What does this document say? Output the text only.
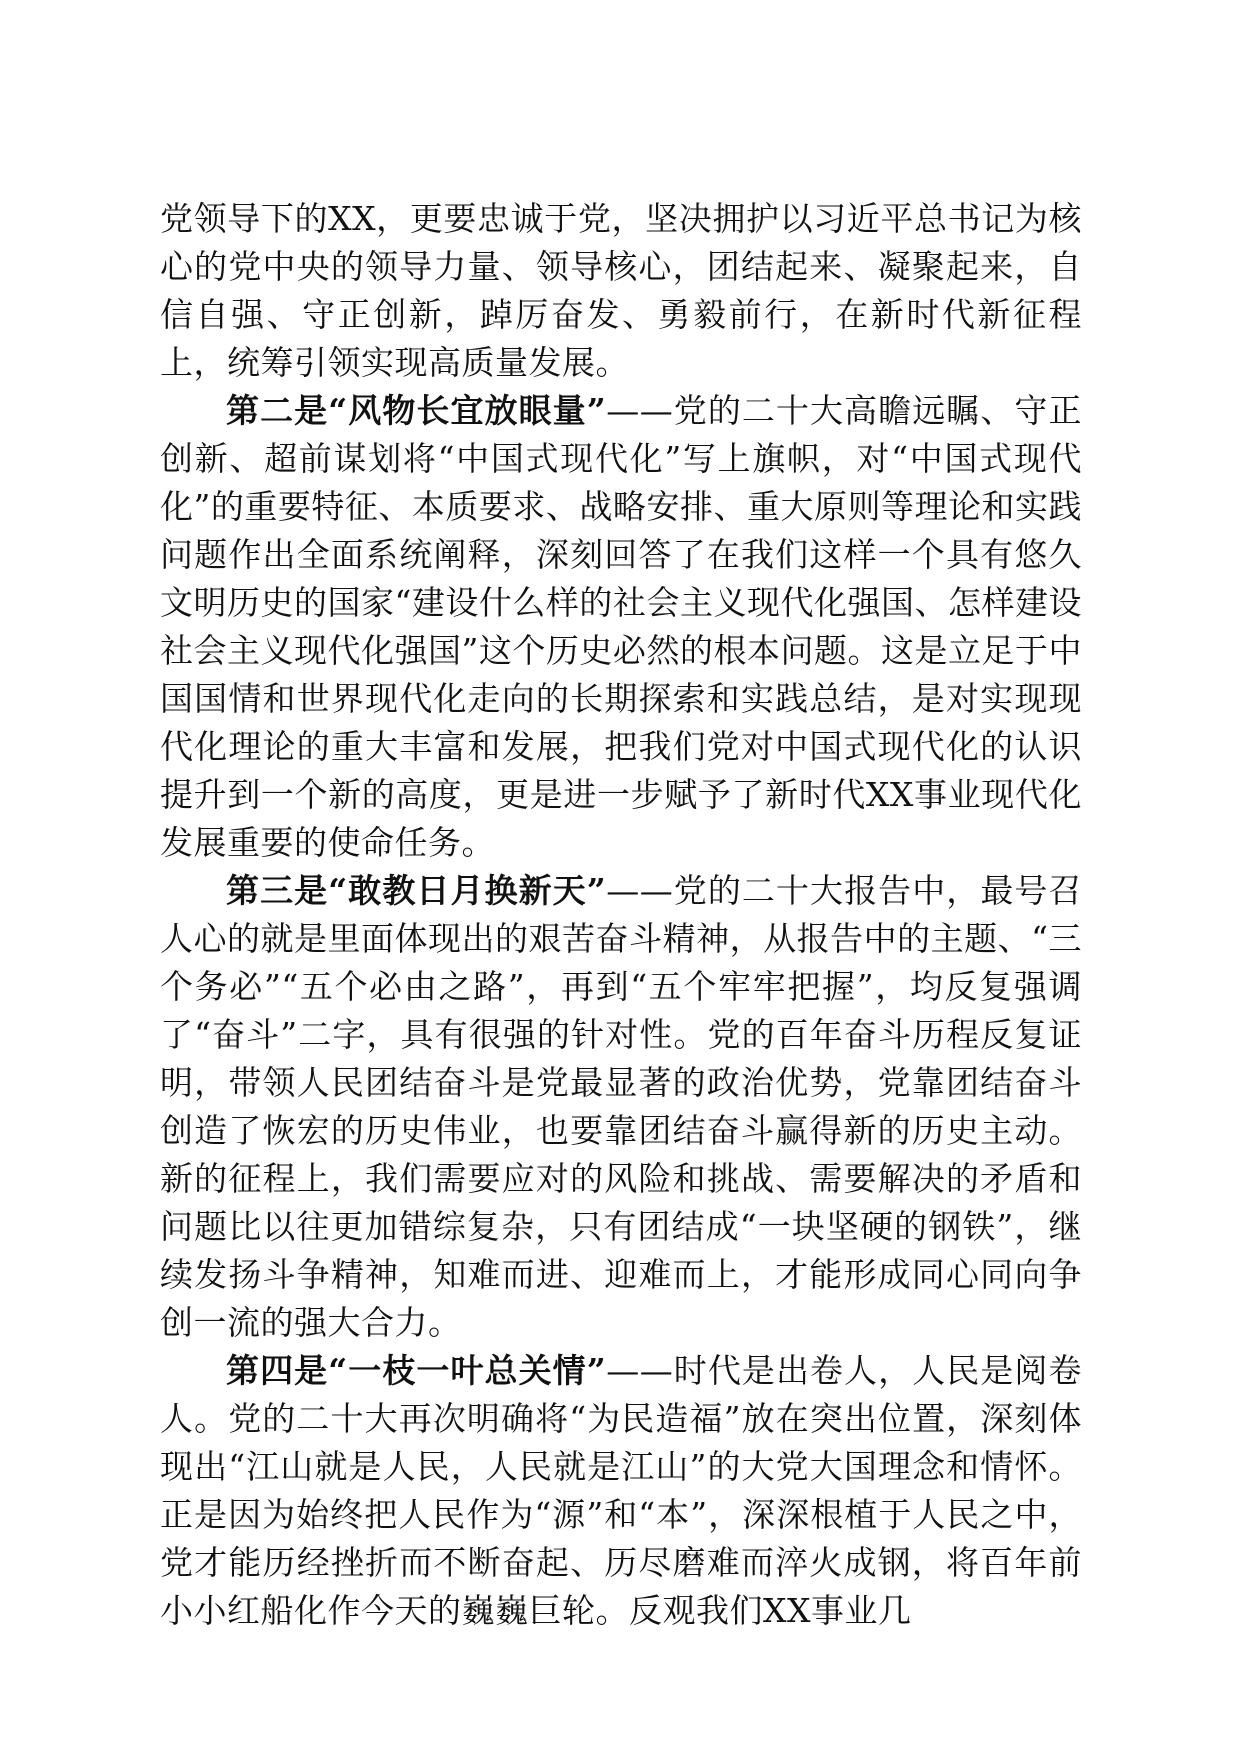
党领导下的XX，更要忠诚于党，坚决拥护以习近平总书记为核心的党中央的领导力量、领导核心，团结起来、凝聚起来，自信自强、守正创新，踔厉奋发、勇毅前行，在新时代新征程上，统筹引领实现高质量发展。

第二是“风物长宜放眼量”——党的二十大高瞻远瞩、守正创新、超前谋划将“中国式现代化”写上旗帜，对“中国式现代化”的重要特征、本质要求、战略安排、重大原则等理论和实践问题作出全面系统阐释，深刻回答了在我们这样一个具有悠久文明历史的国家“建设什么样的社会主义现代化强国、怎样建设社会主义现代化强国”这个历史必然的根本问题。这是立足于中国国情和世界现代化走向的长期探索和实践总结，是对实现现代化理论的重大丰富和发展，把我们党对中国式现代化的认识提升到一个新的高度，更是进一步赋予了新时代XX事业现代化发展重要的使命任务。

第三是“敢教日月换新天”——党的二十大报告中，最号召人心的就是里面体现出的艰苦奋斗精神，从报告中的主题、“三个务必”“五个必由之路”，再到“五个牢牢把握”，均反复强调了“奋斗”二字，具有很强的针对性。党的百年奋斗历程反复证明，带领人民团结奋斗是党最显著的政治优势，党靠团结奋斗创造了恢宏的历史伟业，也要靠团结奋斗赢得新的历史主动。新的征程上，我们需要应对的风险和挑战、需要解决的矛盾和问题比以往更加错综复杂，只有团结成“一块坚硬的钢铁”，继续发扬斗争精神，知难而进、迎难而上，才能形成同心同向争创一流的强大合力。

第四是“一枝一叶总关情”——时代是出卷人，人民是阅卷人。党的二十大再次明确将“为民造福”放在突出位置，深刻体现出“江山就是人民，人民就是江山”的大党大国理念和情怀。正是因为始终把人民作为“源”和“本”，深深根植于人民之中，党才能历经挫折而不断奋起、历尽磨难而淬火成钢，将百年前小小红船化作今天的巍巍巨轮。反观我们XX事业几
